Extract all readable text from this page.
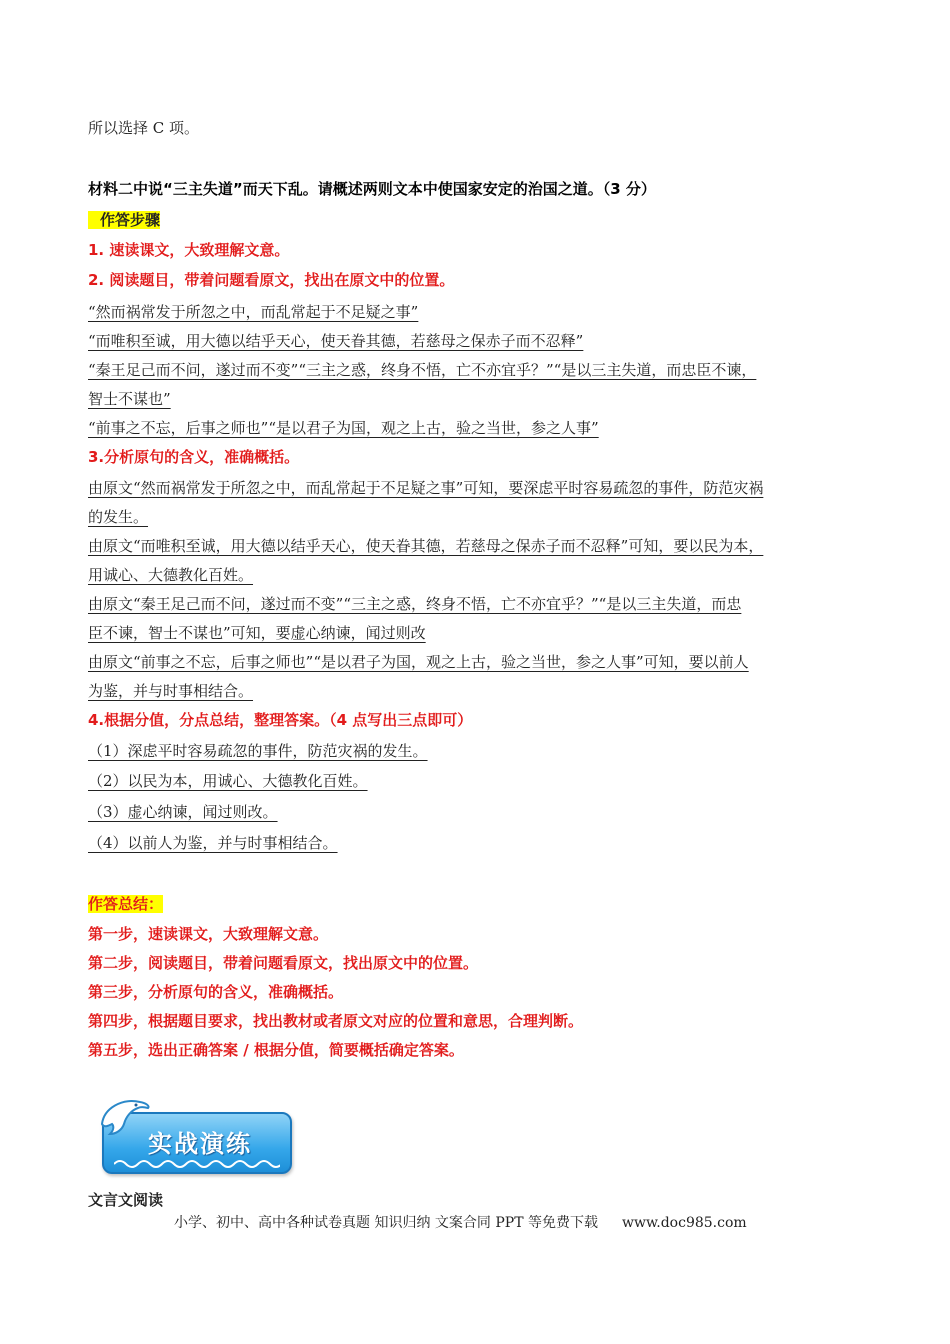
所以选择 C 项。
材料二中说“三主失道”而天下乱。请概述两则文本中使国家安定的治国之道。（3 分）
作答步骤
1. 速读课文，大致理解文意。
2. 阅读题目，带着问题看原文，找出在原文中的位置。
“然而祸常发于所忽之中，而乱常起于不足疑之事”
“而唯积至诚，用大德以结乎天心，使天眷其德，若慈母之保赤子而不忍释”
“秦王足己而不问，遂过而不变”“三主之惑，终身不悟，亡不亦宜乎？”“是以三主失道，而忠臣不谏，
智士不谋也”
“前事之不忘，后事之师也”“是以君子为国，观之上古，验之当世，参之人事”
3.分析原句的含义，准确概括。
由原文“然而祸常发于所忽之中，而乱常起于不足疑之事”可知，要深虑平时容易疏忽的事件，防范灾祸
的发生。
由原文“而唯积至诚，用大德以结乎天心，使天眷其德，若慈母之保赤子而不忍释”可知，要以民为本，
用诚心、大德教化百姓。
由原文“秦王足己而不问，遂过而不变”“三主之惑，终身不悟，亡不亦宜乎？”“是以三主失道，而忠
臣不谏，智士不谋也”可知，要虚心纳谏，闻过则改
由原文“前事之不忘，后事之师也”“是以君子为国，观之上古，验之当世，参之人事”可知，要以前人
为鉴，并与时事相结合。
4.根据分值，分点总结，整理答案。（4 点写出三点即可）
（1）深虑平时容易疏忽的事件，防范灾祸的发生。
（2）以民为本，用诚心、大德教化百姓。
（3）虚心纳谏，闻过则改。
（4）以前人为鉴，并与时事相结合。
作答总结：
第一步，速读课文，大致理解文意。
第二步，阅读题目，带着问题看原文，找出原文中的位置。
第三步，分析原句的含义，准确概括。
第四步，根据题目要求，找出教材或者原文对应的位置和意思，合理判断。
第五步，选出正确答案 / 根据分值，简要概括确定答案。
实战演练
文言文阅读
小学、初中、高中各种试卷真题 知识归纳 文案合同 PPT 等免费下载 www.doc985.com
